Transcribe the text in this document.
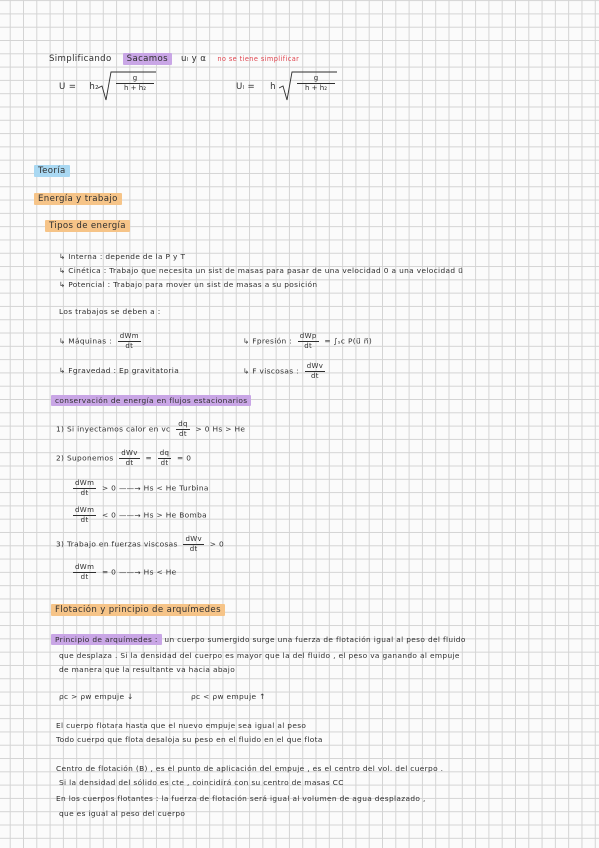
Simplificando Sacamos uₗ y α no se tiene simplificar
$U = h_2 \frac{g}{\text{h + h₂}}$	Uₗ = h	$\frac{g}{\text{h + h₂}}$
Teoría
Energía y trabajo
Tipos de energía
↳ Interna : depende de la P y T
↳ Cinética : Trabajo que necesita un sist de masas para pasar de una velocidad 0 a una velocidad u⃗
↳ Potencial : Trabajo para mover un sist de masas a su posición
Los trabajos se deben a :
↳ Máquinas : $\frac{\text{dWm}}{dt}$	↳ Fpresión : $\frac{\text{dWp}}{dt} = \int_sc$ P(u⃗ n⃗)
↳ Fgravedad : Ep gravitatoria	↳ F viscosas : $\frac{\text{dWv}}{dt}$
conservación de energía en flujos estacionarios
1) Si inyectamos calor en vc $\frac{dq}{dt} > 0$ Hs > He
2) Suponemos $\frac{\text{dWv}}{dt} = \frac{dq}{dt} = 0$
$\frac{\text{dWm}}{dt} > 0$ ——→ Hs < He Turbina
$\frac{\text{dWm}}{dt} < 0$ ——→ Hs > He Bomba
3) Trabajo en fuerzas viscosas $\frac{\text{dWv}}{dt} > 0$
$\frac{\text{dWm}}{dt} = 0$ ——→ Hs < He
Flotación y principio de arquímedes
Principio de arquímedes : un cuerpo sumergido surge una fuerza de flotación igual al peso del fluido
que desplaza . Si la densidad del cuerpo es mayor que la del fluido , el peso va ganando al empuje
de manera que la resultante va hacia abajo
ρc > ρw empuje ↓	ρc < ρw empuje ↑
El cuerpo flotara hasta que el nuevo empuje sea igual al peso
Todo cuerpo que flota desaloja su peso en el fluido en el que flota
Centro de flotación (B) , es el punto de aplicación del empuje , es el centro del vol. del cuerpo .
Si la densidad del sólido es cte , coincidirá con su centro de masas CC
En los cuerpos flotantes : la fuerza de flotación será igual al volumen de agua desplazado ,
que es igual al peso del cuerpo
